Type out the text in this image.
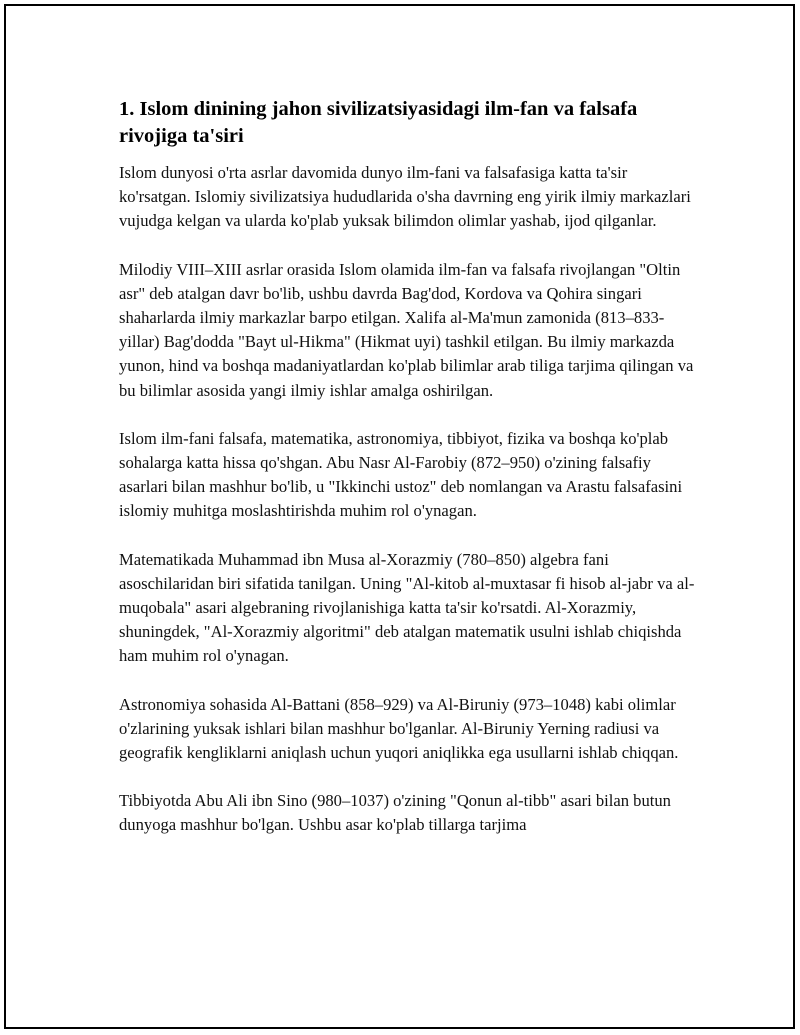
1. Islom dinining jahon sivilizatsiyasidagi ilm-fan va falsafa rivojiga ta'siri

Islom dunyosi o'rta asrlar davomida dunyo ilm-fani va falsafasiga katta ta'sir ko'rsatgan. Islomiy sivilizatsiya hududlarida o'sha davrning eng yirik ilmiy markazlari vujudga kelgan va ularda ko'plab yuksak bilimdon olimlar yashab, ijod qilganlar.

Milodiy VIII–XIII asrlar orasida Islom olamida ilm-fan va falsafa rivojlangan "Oltin asr" deb atalgan davr bo'lib, ushbu davrda Bag'dod, Kordova va Qohira singari shaharlarda ilmiy markazlar barpo etilgan. Xalifa al-Ma'mun zamonida (813–833-yillar) Bag'dodda "Bayt ul-Hikma" (Hikmat uyi) tashkil etilgan. Bu ilmiy markazda yunon, hind va boshqa madaniyatlardan ko'plab bilimlar arab tiliga tarjima qilingan va bu bilimlar asosida yangi ilmiy ishlar amalga oshirilgan.

Islom ilm-fani falsafa, matematika, astronomiya, tibbiyot, fizika va boshqa ko'plab sohalarga katta hissa qo'shgan. Abu Nasr Al-Farobiy (872–950) o'zining falsafiy asarlari bilan mashhur bo'lib, u "Ikkinchi ustoz" deb nomlangan va Arastu falsafasini islomiy muhitga moslashtirishda muhim rol o'ynagan.

Matematikada Muhammad ibn Musa al-Xorazmiy (780–850) algebra fani asoschilaridan biri sifatida tanilgan. Uning "Al-kitob al-muxtasar fi hisob al-jabr va al-muqobala" asari algebraning rivojlanishiga katta ta'sir ko'rsatdi. Al-Xorazmiy, shuningdek, "Al-Xorazmiy algoritmi" deb atalgan matematik usulni ishlab chiqishda ham muhim rol o'ynagan.

Astronomiya sohasida Al-Battani (858–929) va Al-Biruniy (973–1048) kabi olimlar o'zlarining yuksak ishlari bilan mashhur bo'lganlar. Al-Biruniy Yerning radiusi va geografik kengliklarni aniqlash uchun yuqori aniqlikka ega usullarni ishlab chiqqan.

Tibbiyotda Abu Ali ibn Sino (980–1037) o'zining "Qonun al-tibb" asari bilan butun dunyoga mashhur bo'lgan. Ushbu asar ko'plab tillarga tarjima
